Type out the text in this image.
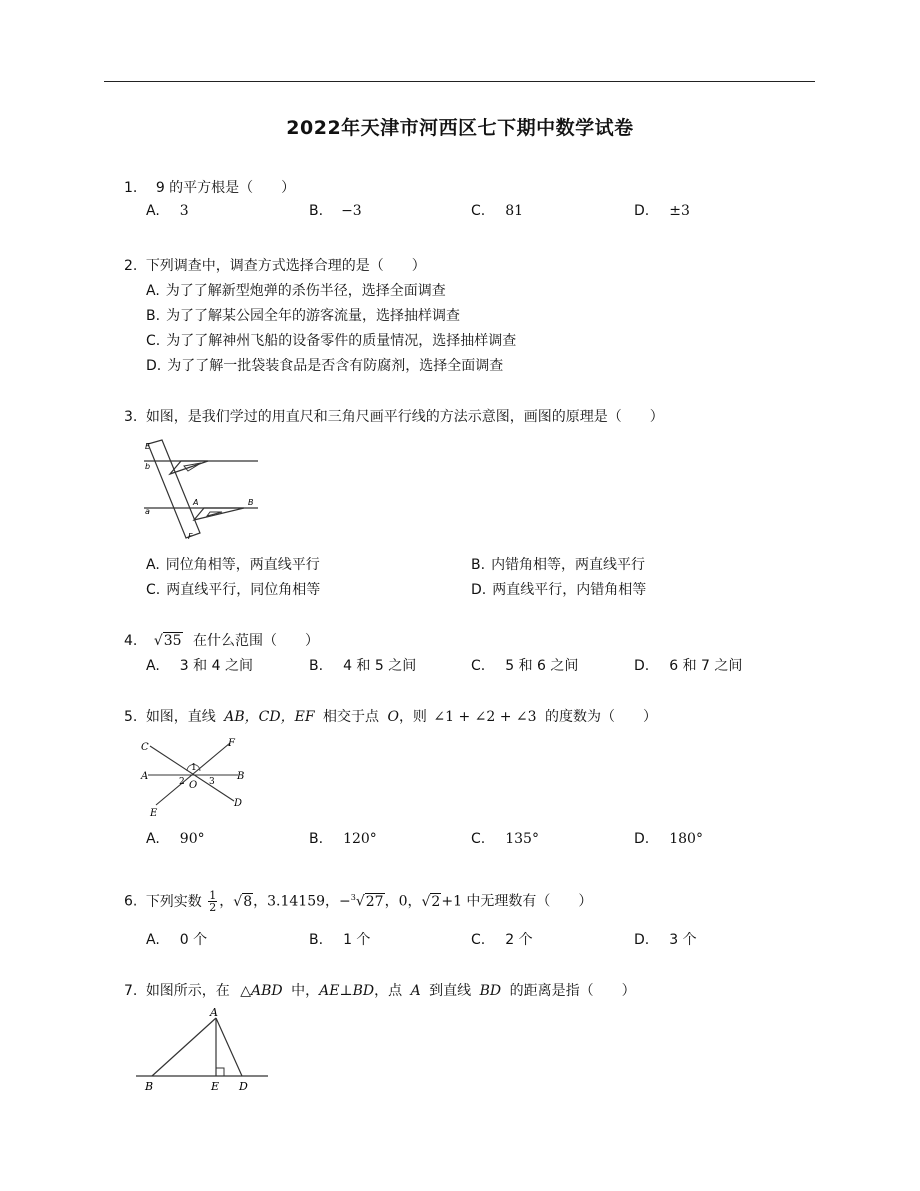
2022年天津市河西区七下期中数学试卷
1. 9 的平方根是（　　）
A. 3	B. −3	C. 81	D. ±3
2. 下列调查中，调查方式选择合理的是（　　）
A. 为了了解新型炮弹的杀伤半径，选择全面调查
B. 为了了解某公园全年的游客流量，选择抽样调查
C. 为了了解神州飞船的设备零件的质量情况，选择抽样调查
D. 为了了解一批袋装食品是否含有防腐剂，选择全面调查
3. 如图，是我们学过的用直尺和三角尺画平行线的方法示意图，画图的原理是（　　）
E
b
A	B
a
F
A. 同位角相等，两直线平行	B. 内错角相等，两直线平行
C. 两直线平行，同位角相等	D. 两直线平行，内错角相等
4. √35 在什么范围（　　）
A. 3 和 4 之间	B. 4 和 5 之间	C. 5 和 6 之间	D. 6 和 7 之间
5. 如图，直线 AB，CD，EF 相交于点 O，则 ∠1 + ∠2 + ∠3 的度数为（　　）
C	F
A
1
2	3
O
B
E
D
A. 90°	B. 120°	C. 135°	D. 180°
6. 下列实数 $\frac{1}{2}$ ，√8，3.14159，−$^3$√27，0，√2+1 中无理数有（　　）
A. 0 个	B. 1 个	C. 2 个	D. 3 个
7. 如图所示，在 △ABD 中，AE⊥BD，点 A 到直线 BD 的距离是指（　　）
A
B	E D
